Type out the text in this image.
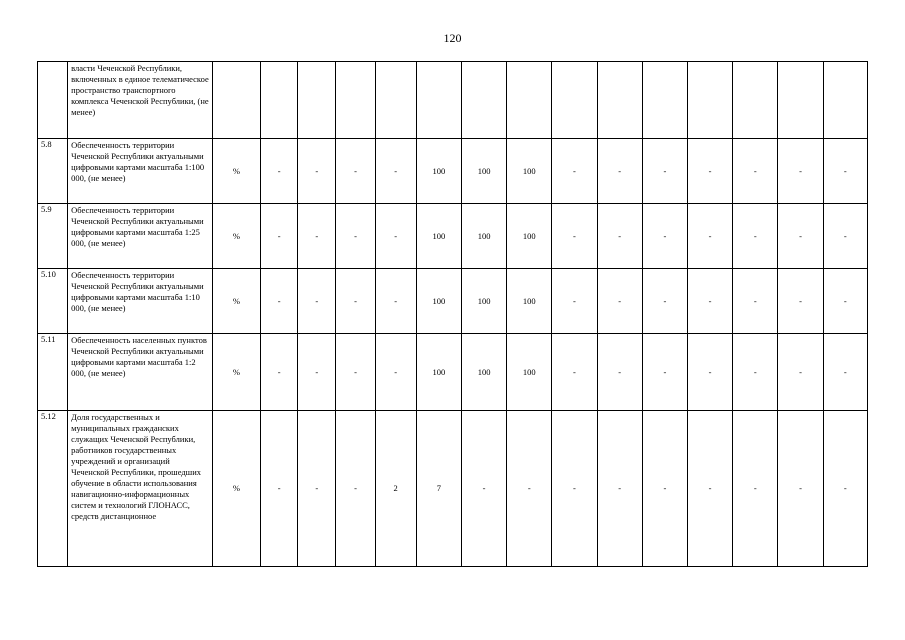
120
	власти Чеченской Республики, включенных в единое телематическое пространство транспортного комплекса Чеченской Республики, (не менее)															
5.8	Обеспеченность территории Чеченской Республики актуальными цифровыми картами масштаба 1:100 000, (не менее)	%	-	-	-	-	100	100	100	-	-	-	-	-	-	-
5.9	Обеспеченность территории Чеченской Республики актуальными цифровыми картами масштаба 1:25 000, (не менее)	%	-	-	-	-	100	100	100	-	-	-	-	-	-	-
5.10	Обеспеченность территории Чеченской Республики актуальными цифровыми картами масштаба 1:10 000, (не менее)	%	-	-	-	-	100	100	100	-	-	-	-	-	-	-
5.11	Обеспеченность населенных пунктов Чеченской Республики актуальными цифровыми картами масштаба 1:2 000, (не менее)	%	-	-	-	-	100	100	100	-	-	-	-	-	-	-
5.12	Доля государственных и муниципальных гражданских служащих Чеченской Республики, работников государственных учреждений и организаций Чеченской Республики, прошедших обучение в области использования навигационно-информационных систем и технологий ГЛОНАСС, средств дистанционное	%	-	-	-	2	7	-	-	-	-	-	-	-	-	-
